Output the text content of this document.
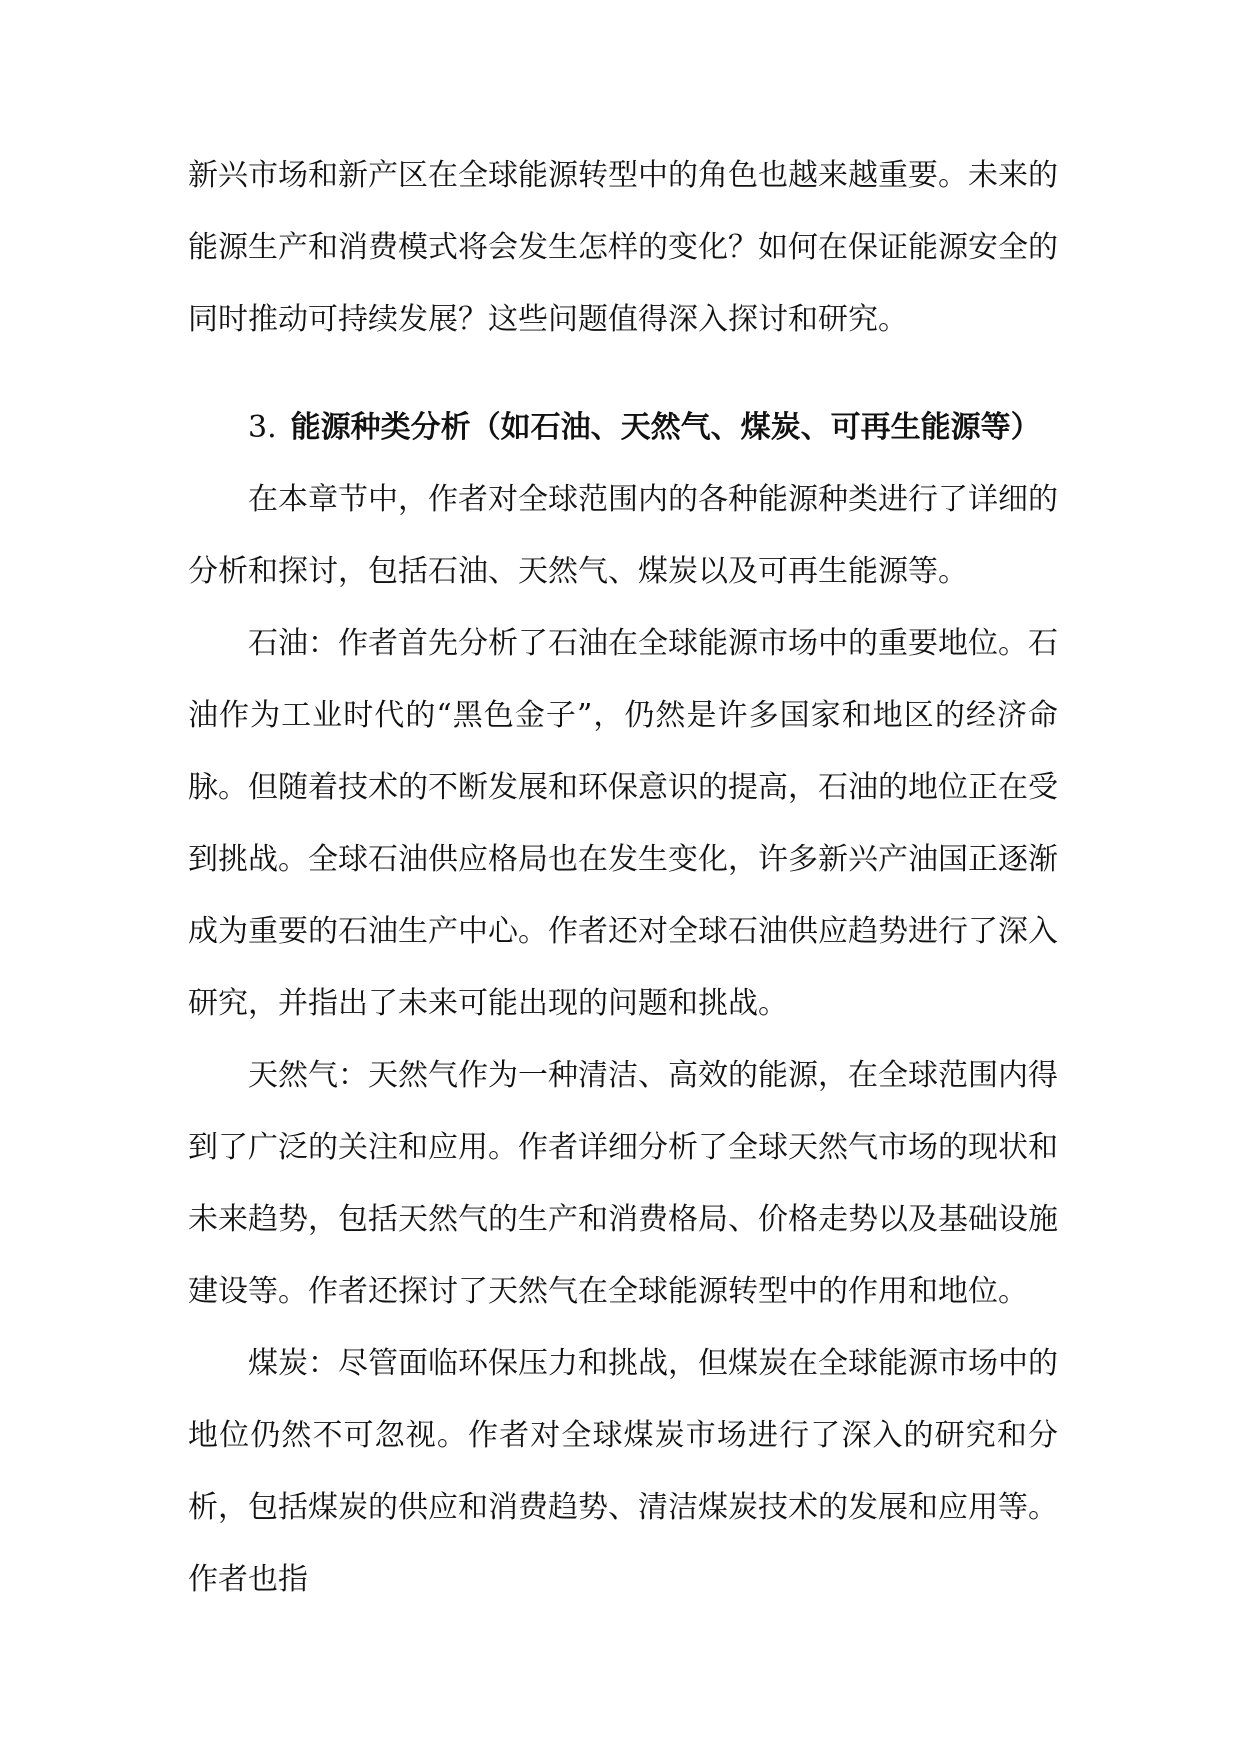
新兴市场和新产区在全球能源转型中的角色也越来越重要。未来的能源生产和消费模式将会发生怎样的变化？如何在保证能源安全的同时推动可持续发展？这些问题值得深入探讨和研究。

3. 能源种类分析（如石油、天然气、煤炭、可再生能源等）

在本章节中，作者对全球范围内的各种能源种类进行了详细的分析和探讨，包括石油、天然气、煤炭以及可再生能源等。

石油：作者首先分析了石油在全球能源市场中的重要地位。石油作为工业时代的“黑色金子”，仍然是许多国家和地区的经济命脉。但随着技术的不断发展和环保意识的提高，石油的地位正在受到挑战。全球石油供应格局也在发生变化，许多新兴产油国正逐渐成为重要的石油生产中心。作者还对全球石油供应趋势进行了深入研究，并指出了未来可能出现的问题和挑战。

天然气：天然气作为一种清洁、高效的能源，在全球范围内得到了广泛的关注和应用。作者详细分析了全球天然气市场的现状和未来趋势，包括天然气的生产和消费格局、价格走势以及基础设施建设等。作者还探讨了天然气在全球能源转型中的作用和地位。

煤炭：尽管面临环保压力和挑战，但煤炭在全球能源市场中的地位仍然不可忽视。作者对全球煤炭市场进行了深入的研究和分析，包括煤炭的供应和消费趋势、清洁煤炭技术的发展和应用等。作者也指
